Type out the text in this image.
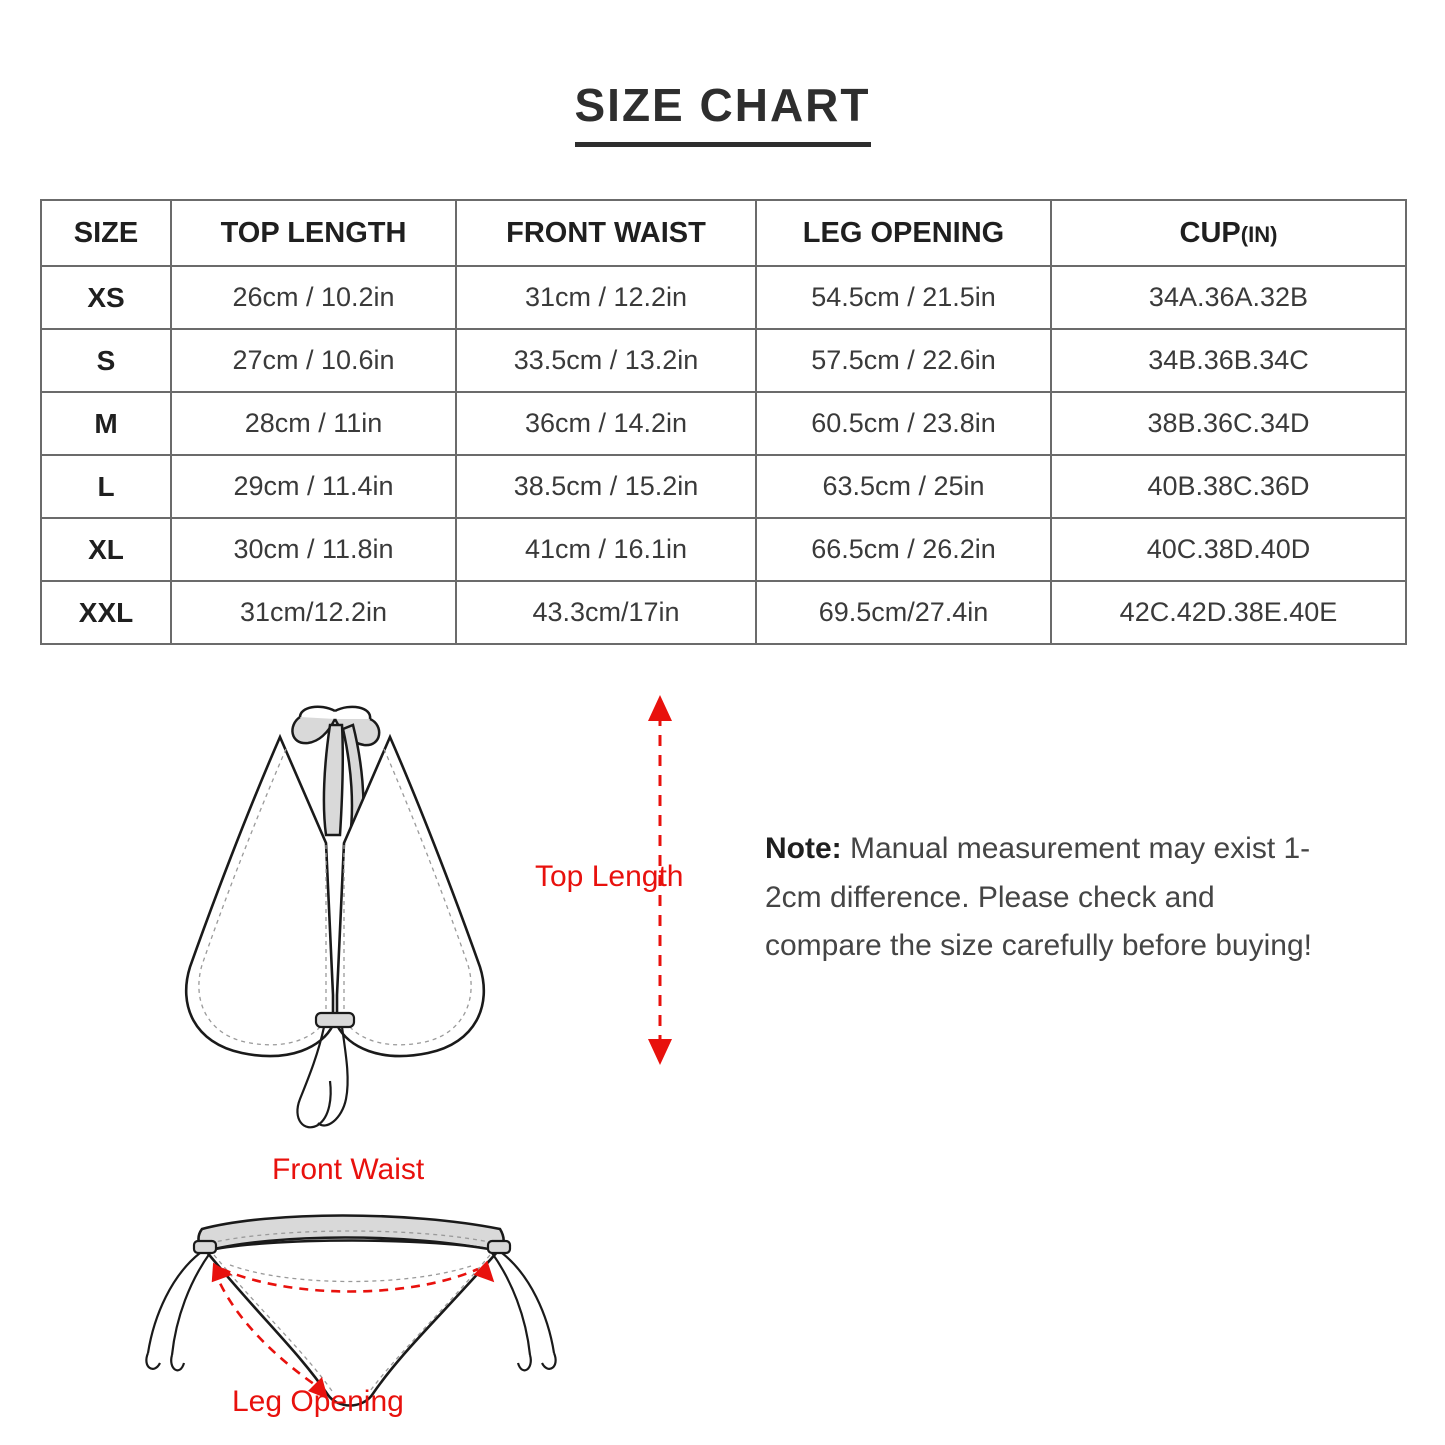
SIZE CHART
SIZE	TOP LENGTH	FRONT WAIST	LEG OPENING	CUP(IN)
XS	26cm / 10.2in	31cm / 12.2in	54.5cm / 21.5in	34A.36A.32B
S	27cm / 10.6in	33.5cm / 13.2in	57.5cm / 22.6in	34B.36B.34C
M	28cm / 11in	36cm / 14.2in	60.5cm / 23.8in	38B.36C.34D
L	29cm / 11.4in	38.5cm / 15.2in	63.5cm / 25in	40B.38C.36D
XL	30cm / 11.8in	41cm / 16.1in	66.5cm / 26.2in	40C.38D.40D
XXL	31cm/12.2in	43.3cm/17in	69.5cm/27.4in	42C.42D.38E.40E
Top Length
Front Waist
Leg Opening
Note: Manual measurement may exist 1-2cm difference. Please check and compare the size carefully before buying!
